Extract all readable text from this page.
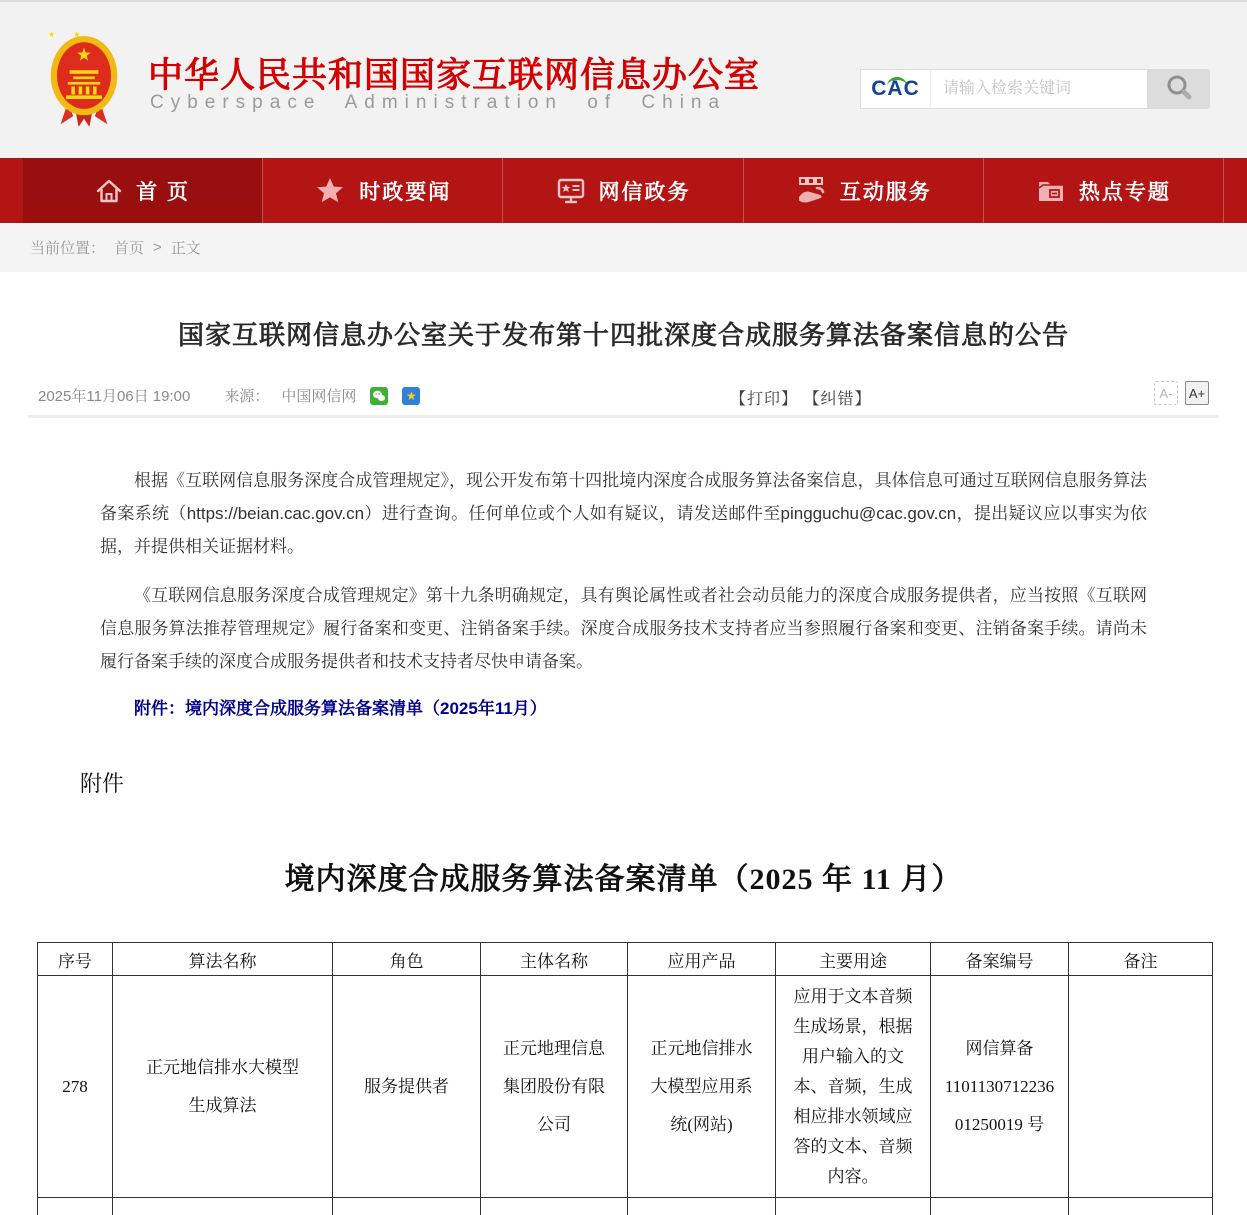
中华人民共和国国家互联网信息办公室
Cyberspace Administration of China
CAC
请输入检索关键词
首 页	时政要闻	网信政务	互动服务	热点专题
当前位置： 首页 > 正文
国家互联网信息办公室关于发布第十四批深度合成服务算法备案信息的公告
2025年11月06日 19:00 来源： 中国网信网	★	【打印】 【纠错】	A-	A+

根据《互联网信息服务深度合成管理规定》，现公开发布第十四批境内深度合成服务算法备案信息，具体信息可通过互联网信息服务算法备案系统（https://beian.cac.gov.cn）进行查询。任何单位或个人如有疑议，请发送邮件至pingguchu@cac.gov.cn，提出疑议应以事实为依据，并提供相关证据材料。

《互联网信息服务深度合成管理规定》第十九条明确规定，具有舆论属性或者社会动员能力的深度合成服务提供者，应当按照《互联网信息服务算法推荐管理规定》履行备案和变更、注销备案手续。深度合成服务技术支持者应当参照履行备案和变更、注销备案手续。请尚未履行备案手续的深度合成服务提供者和技术支持者尽快申请备案。

附件：境内深度合成服务算法备案清单（2025年11月）
附件
境内深度合成服务算法备案清单（2025 年 11 月）
序号	算法名称	角色	主体名称	应用产品	主要用途	备案编号	备注
278	正元地信排水大模型生成算法	服务提供者	正元地理信息集团股份有限公司	正元地信排水大模型应用系统(网站)	应用于文本音频生成场景，根据用户输入的文本、音频，生成相应排水领域应答的文本、音频内容。	网信算备 1101130712236 01250019 号	
